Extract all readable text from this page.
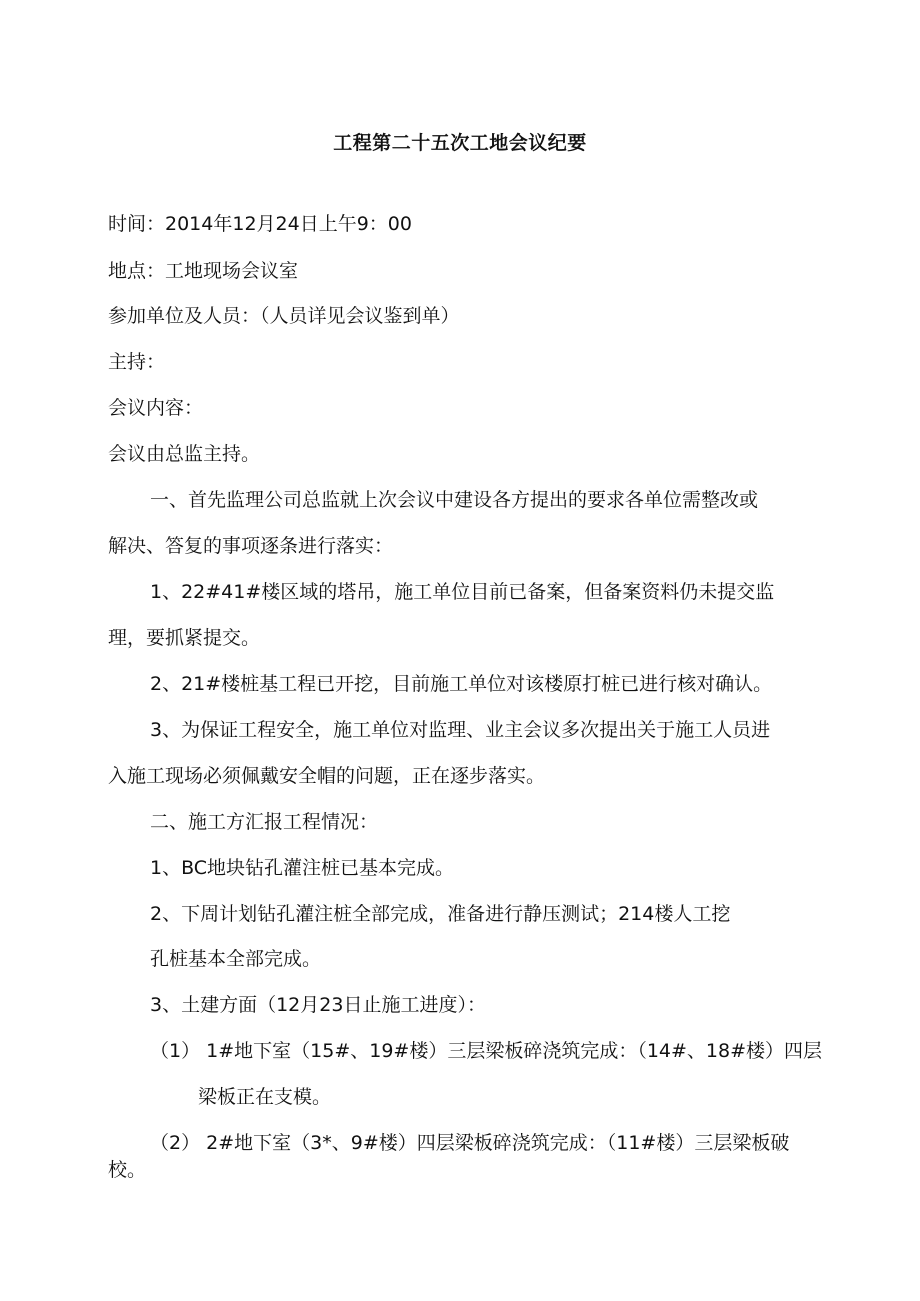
工程第二十五次工地会议纪要
时间：2014年12月24日上午9：00
地点：工地现场会议室
参加单位及人员：（人员详见会议鉴到单）
主持：
会议内容：
会议由总监主持。
一、首先监理公司总监就上次会议中建设各方提出的要求各单位需整改或
解决、答复的事项逐条进行落实：
1、22#41#楼区域的塔吊，施工单位目前已备案，但备案资料仍未提交监
理，要抓紧提交。
2、21#楼桩基工程已开挖，目前施工单位对该楼原打桩已进行核对确认。
3、为保证工程安全，施工单位对监理、业主会议多次提出关于施工人员进
入施工现场必须佩戴安全帽的问题，正在逐步落实。
二、施工方汇报工程情况：
1、BC地块钻孔灌注桩已基本完成。
2、下周计划钻孔灌注桩全部完成，准备进行静压测试；214楼人工挖
孔桩基本全部完成。
3、土建方面（12月23日止施工进度）：
（1） 1#地下室（15#、19#楼）三层梁板碎浇筑完成：（14#、18#楼）四层
梁板正在支模。
（2） 2#地下室（3*、9#楼）四层梁板碎浇筑完成：（11#楼）三层梁板破
校。
